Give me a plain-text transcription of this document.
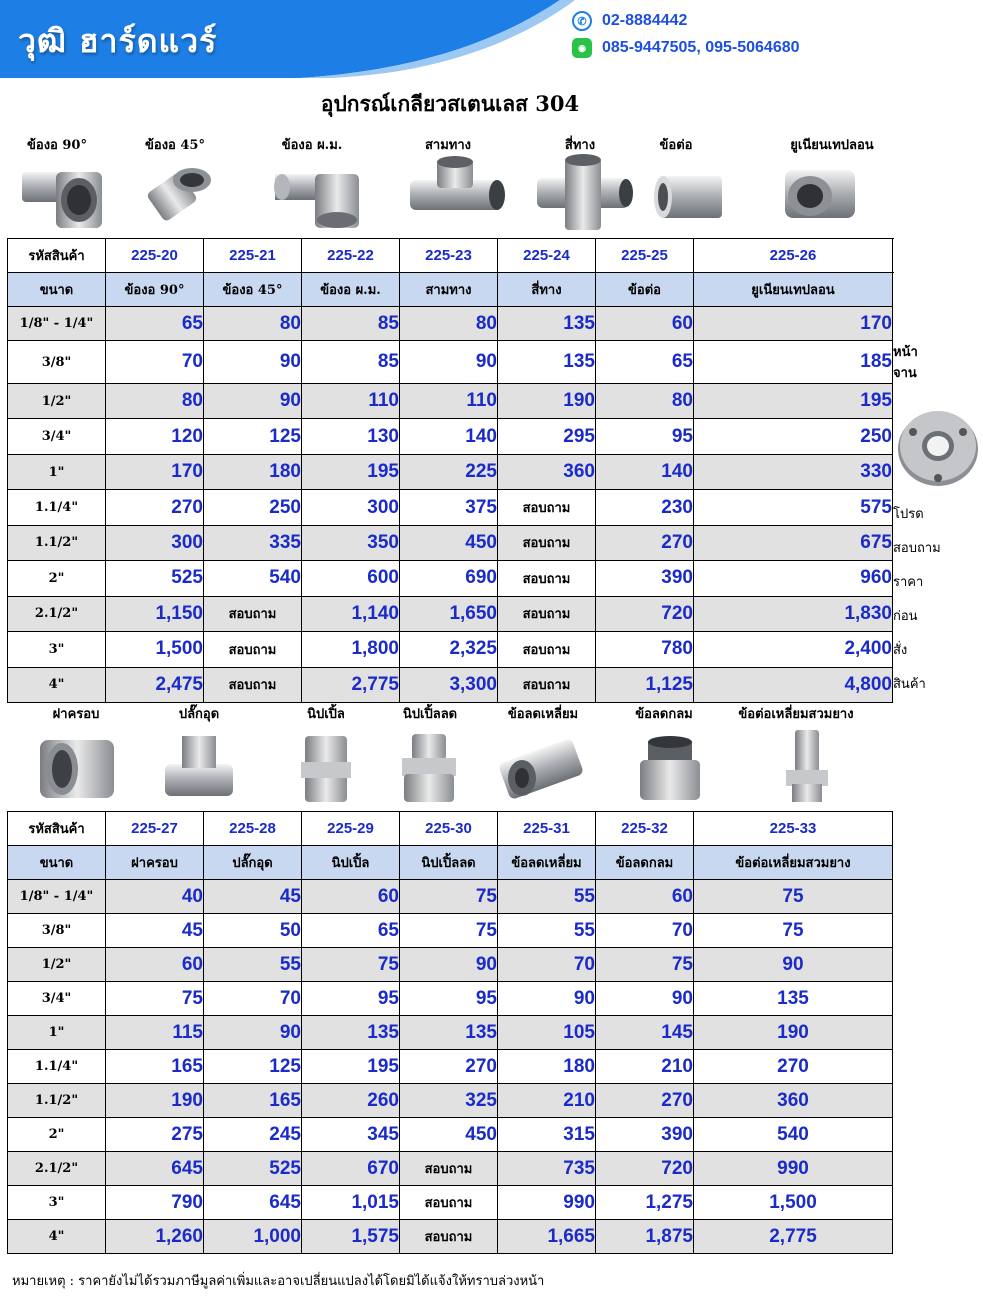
วุฒิ ฮาร์ดแวร์
✆ 02-8884442
◉	085-9447505, 095-5064680
อุปกรณ์เกลียวสเตนเลส 304
ข้องอ 90°	ข้องอ 45°	ข้องอ ผ.ม.	สามทาง	สี่ทาง	ข้อต่อ	ยูเนียนเทปลอน
รหัสสินค้า	225-20	225-21	225-22	225-23	225-24	225-25	225-26	
ขนาด	ข้องอ 90°	ข้องอ 45°	ข้องอ ผ.ม.	สามทาง	สี่ทาง	ข้อต่อ	ยูเนียนเทปลอน	
1/8" - 1/4"	65	80	85	80	135	60	170	
3/8"	70	90	85	90	135	65	185	หน้าจาน
1/2"	80	90	110	110	190	80	195	โปรด
สอบถาม
ราคาก่อน
สั่งสินค้า

3/4"	120	125	130	140	295	95	250	
1"	170	180	195	225	360	140	330	
1.1/4"	270	250	300	375	สอบถาม	230	575	
1.1/2"	300	335	350	450	สอบถาม	270	675	
2"	525	540	600	690	สอบถาม	390	960	
2.1/2"	1,150	สอบถาม	1,140	1,650	สอบถาม	720	1,830	
3"	1,500	สอบถาม	1,800	2,325	สอบถาม	780	2,400	
4"	2,475	สอบถาม	2,775	3,300	สอบถาม	1,125	4,800	
ฝาครอบ	ปลั๊กอุด	นิปเปิ้ล	นิปเปิ้ลลด	ข้อลดเหลี่ยม	ข้อลดกลม	ข้อต่อเหลี่ยมสวมยาง
รหัสสินค้า	225-27	225-28	225-29	225-30	225-31	225-32	225-33
ขนาด	ฝาครอบ	ปลั๊กอุด	นิปเปิ้ล	นิปเปิ้ลลด	ข้อลดเหลี่ยม	ข้อลดกลม	ข้อต่อเหลี่ยมสวมยาง
1/8" - 1/4"	40	45	60	75	55	60	75
3/8"	45	50	65	75	55	70	75
1/2"	60	55	75	90	70	75	90
3/4"	75	70	95	95	90	90	135
1"	115	90	135	135	105	145	190
1.1/4"	165	125	195	270	180	210	270
1.1/2"	190	165	260	325	210	270	360
2"	275	245	345	450	315	390	540
2.1/2"	645	525	670	สอบถาม	735	720	990
3"	790	645	1,015	สอบถาม	990	1,275	1,500
4"	1,260	1,000	1,575	สอบถาม	1,665	1,875	2,775
หมายเหตุ : ราคายังไม่ได้รวมภาษีมูลค่าเพิ่มและอาจเปลี่ยนแปลงได้โดยมิได้แจ้งให้ทราบล่วงหน้า
